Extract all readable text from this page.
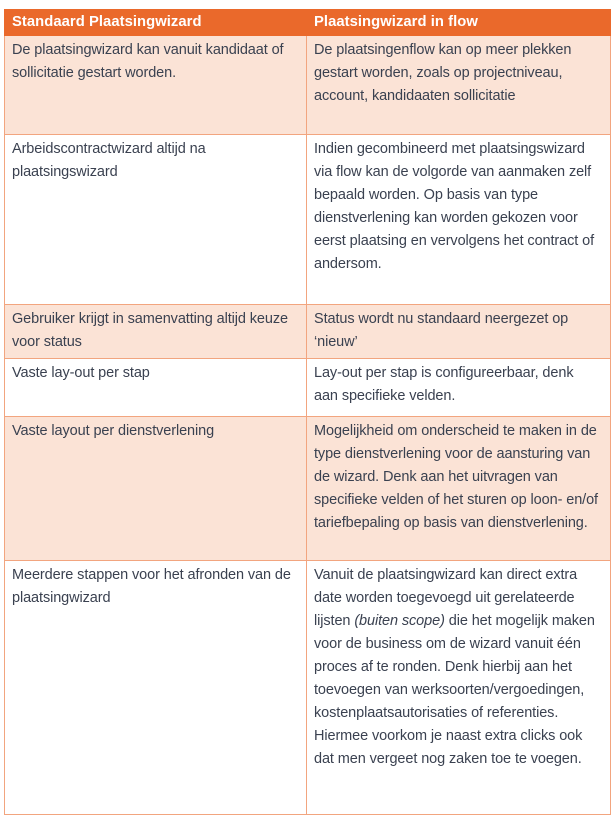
Standaard Plaatsingwizard	Plaatsingwizard in flow
De plaatsingwizard kan vanuit kandidaat of sollicitatie gestart worden.	De plaatsingenflow kan op meer plekken gestart worden, zoals op projectniveau, account, kandidaaten sollicitatie
Arbeidscontractwizard altijd na plaatsingswizard	Indien gecombineerd met plaatsingswizard via flow kan de volgorde van aanmaken zelf bepaald worden. Op basis van type dienstverlening kan worden gekozen voor eerst plaatsing en vervolgens het contract of andersom.
Gebruiker krijgt in samenvatting altijd keuze voor status	Status wordt nu standaard neergezet op ‘nieuw’
Vaste lay-out per stap	Lay-out per stap is configureerbaar, denk aan specifieke velden.
Vaste layout per dienstverlening	Mogelijkheid om onderscheid te maken in de type dienstverlening voor de aansturing van de wizard. Denk aan het uitvragen van specifieke velden of het sturen op loon- en/of tariefbepaling op basis van dienstverlening.
Meerdere stappen voor het afronden van de plaatsingwizard	Vanuit de plaatsingwizard kan direct extra date worden toegevoegd uit gerelateerde lijsten (buiten scope) die het mogelijk maken voor de business om de wizard vanuit één proces af te ronden. Denk hierbij aan het toevoegen van werksoorten/vergoedingen, kostenplaatsautorisaties of referenties. Hiermee voorkom je naast extra clicks ook dat men vergeet nog zaken toe te voegen.
